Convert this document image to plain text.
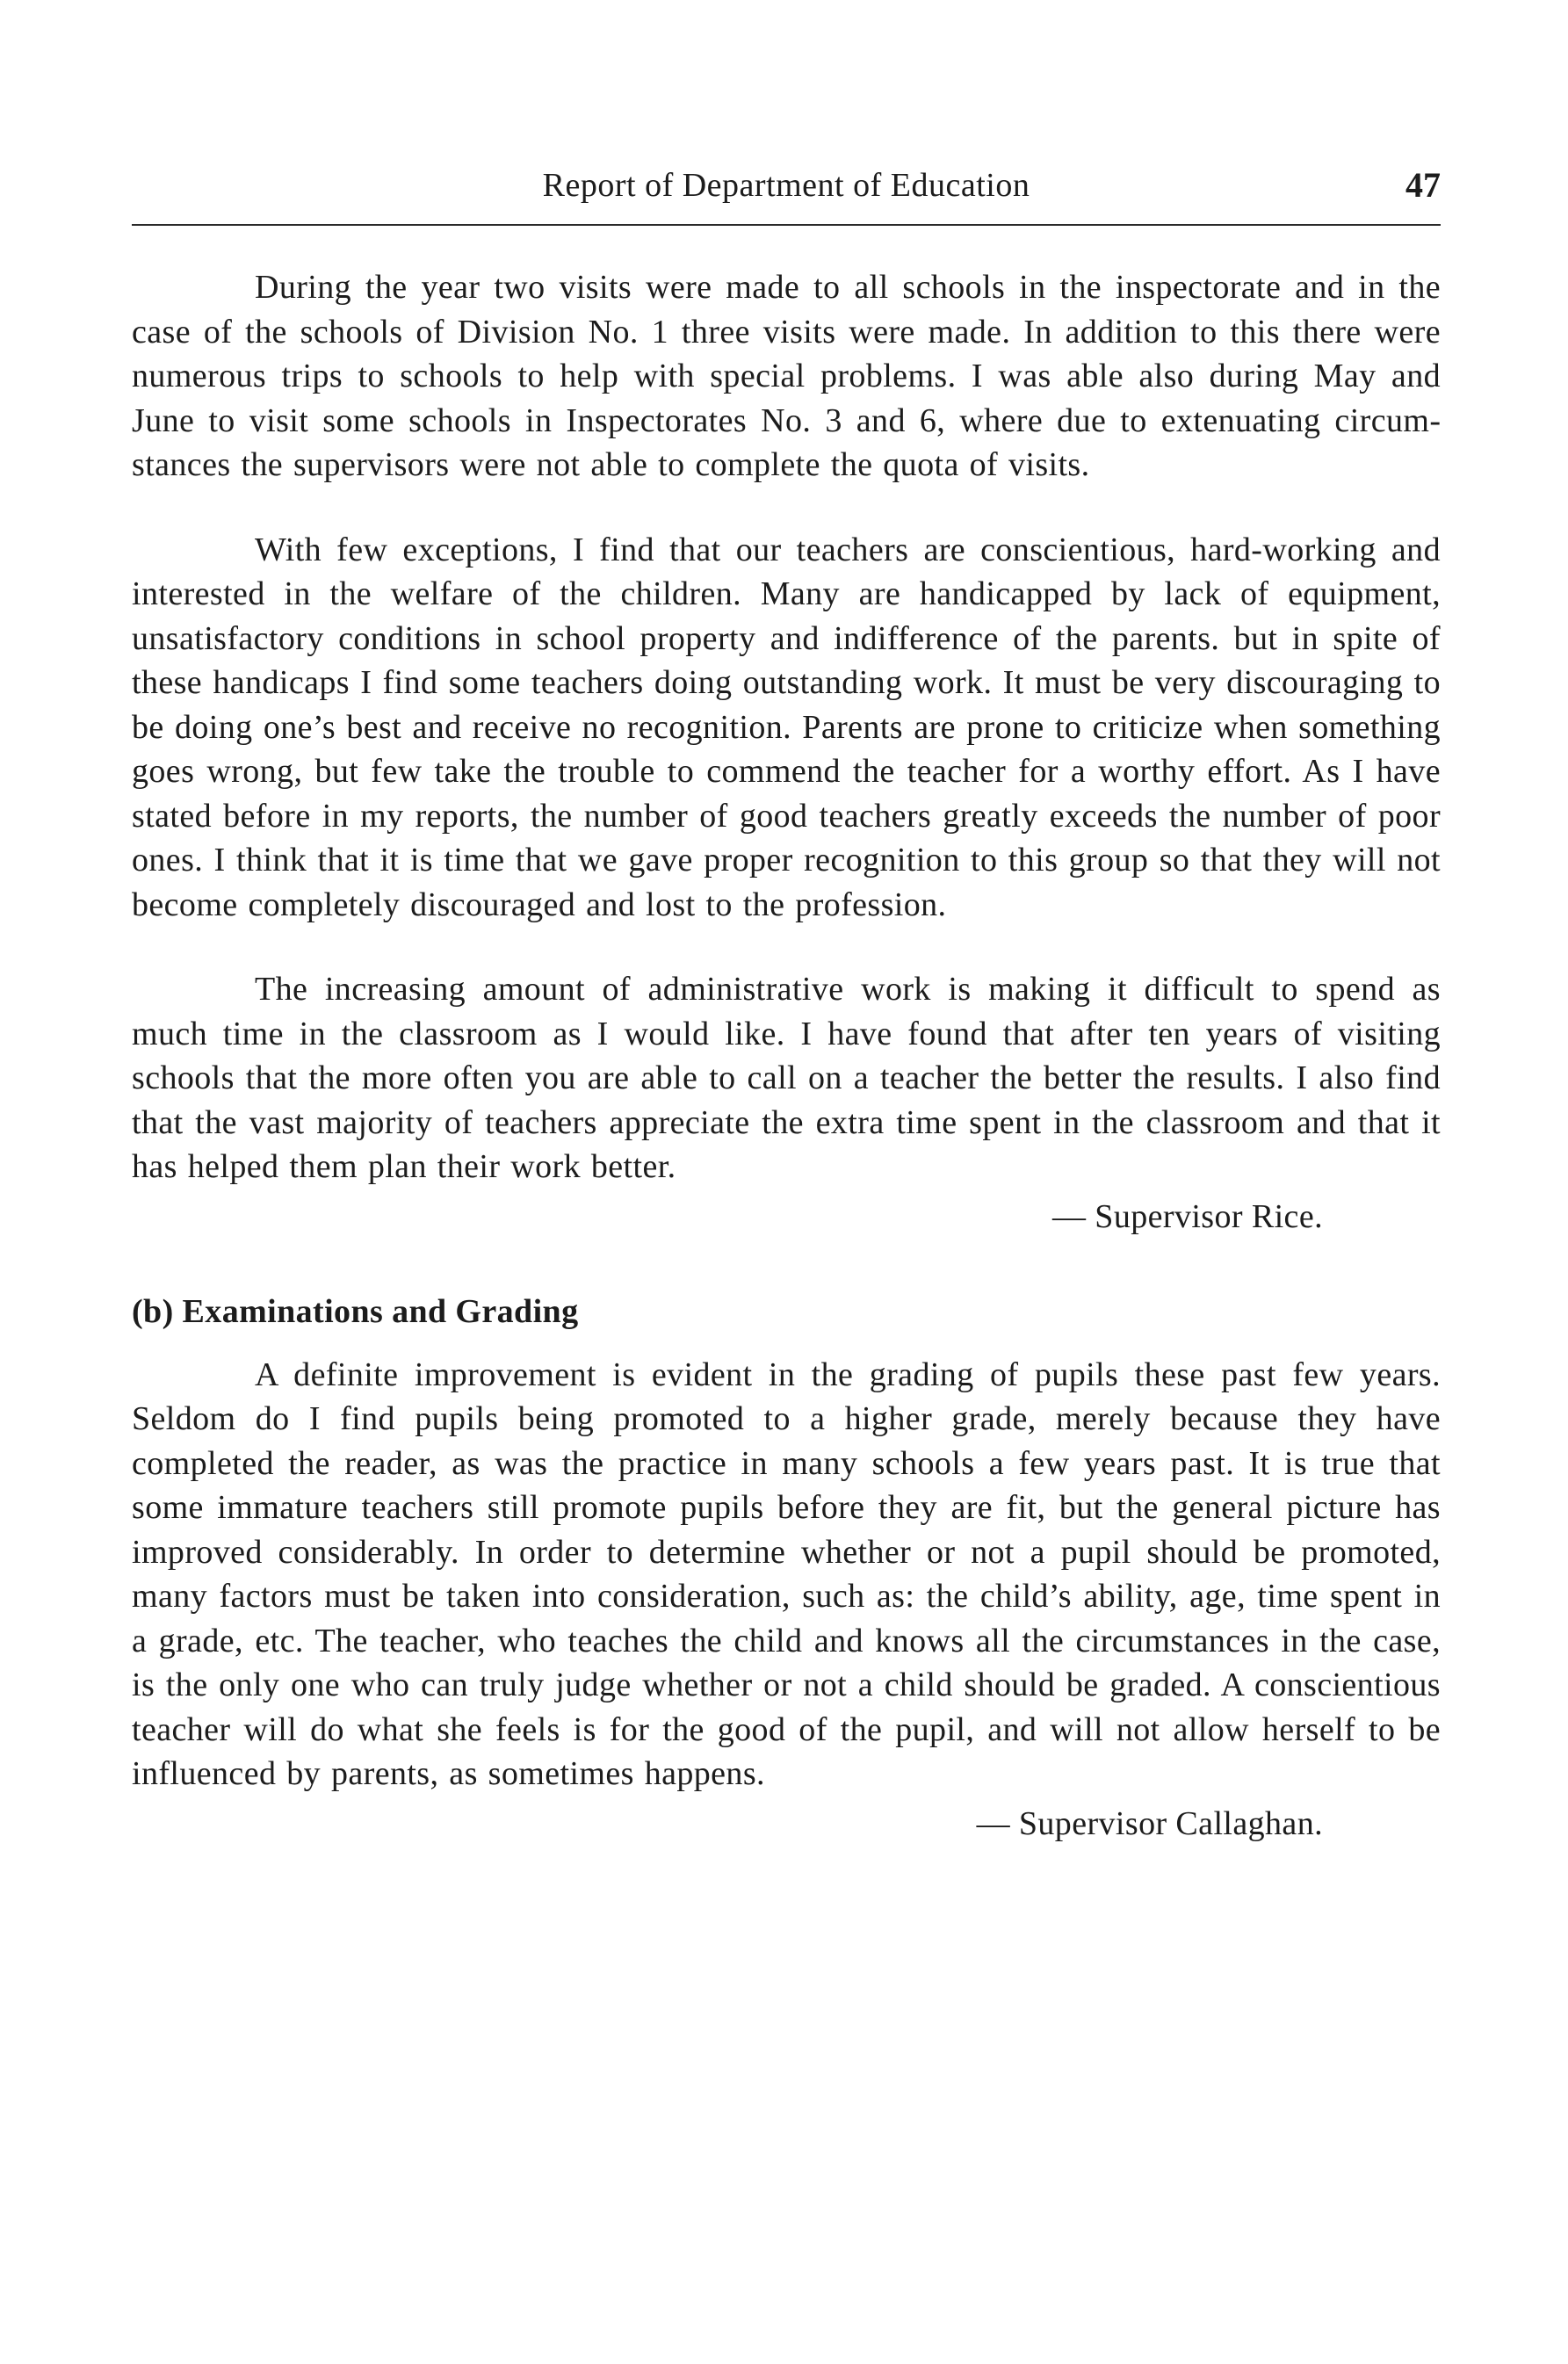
Report of Department of Education	47

During the year two visits were made to all schools in the inspectorate and in the case of the schools of Division No. 1 three visits were made. In addition to this there were numerous trips to schools to help with special problems. I was able also during May and June to visit some schools in Inspectorates No. 3 and 6, where due to extenuating circumstances the supervisors were not able to complete the quota of visits.

With few exceptions, I find that our teachers are conscientious, hard-working and interested in the welfare of the children. Many are handicapped by lack of equipment, unsatisfactory conditions in school property and indifference of the parents. but in spite of these handicaps I find some teachers doing outstanding work. It must be very discouraging to be doing one’s best and receive no recognition. Parents are prone to criticize when something goes wrong, but few take the trouble to commend the teacher for a worthy effort. As I have stated before in my reports, the number of good teachers greatly exceeds the number of poor ones. I think that it is time that we gave proper recognition to this group so that they will not become completely discouraged and lost to the profession.

The increasing amount of administrative work is making it difficult to spend as much time in the classroom as I would like. I have found that after ten years of visiting schools that the more often you are able to call on a teacher the better the results. I also find that the vast majority of teachers appreciate the extra time spent in the classroom and that it has helped them plan their work better.

— Supervisor Rice.
(b) Examinations and Grading

A definite improvement is evident in the grading of pupils these past few years. Seldom do I find pupils being promoted to a higher grade, merely because they have completed the reader, as was the practice in many schools a few years past. It is true that some immature teachers still promote pupils before they are fit, but the general picture has improved considerably. In order to determine whether or not a pupil should be promoted, many factors must be taken into consideration, such as: the child’s ability, age, time spent in a grade, etc. The teacher, who teaches the child and knows all the circumstances in the case, is the only one who can truly judge whether or not a child should be graded. A conscientious teacher will do what she feels is for the good of the pupil, and will not allow herself to be influenced by parents, as sometimes happens.

— Supervisor Callaghan.
